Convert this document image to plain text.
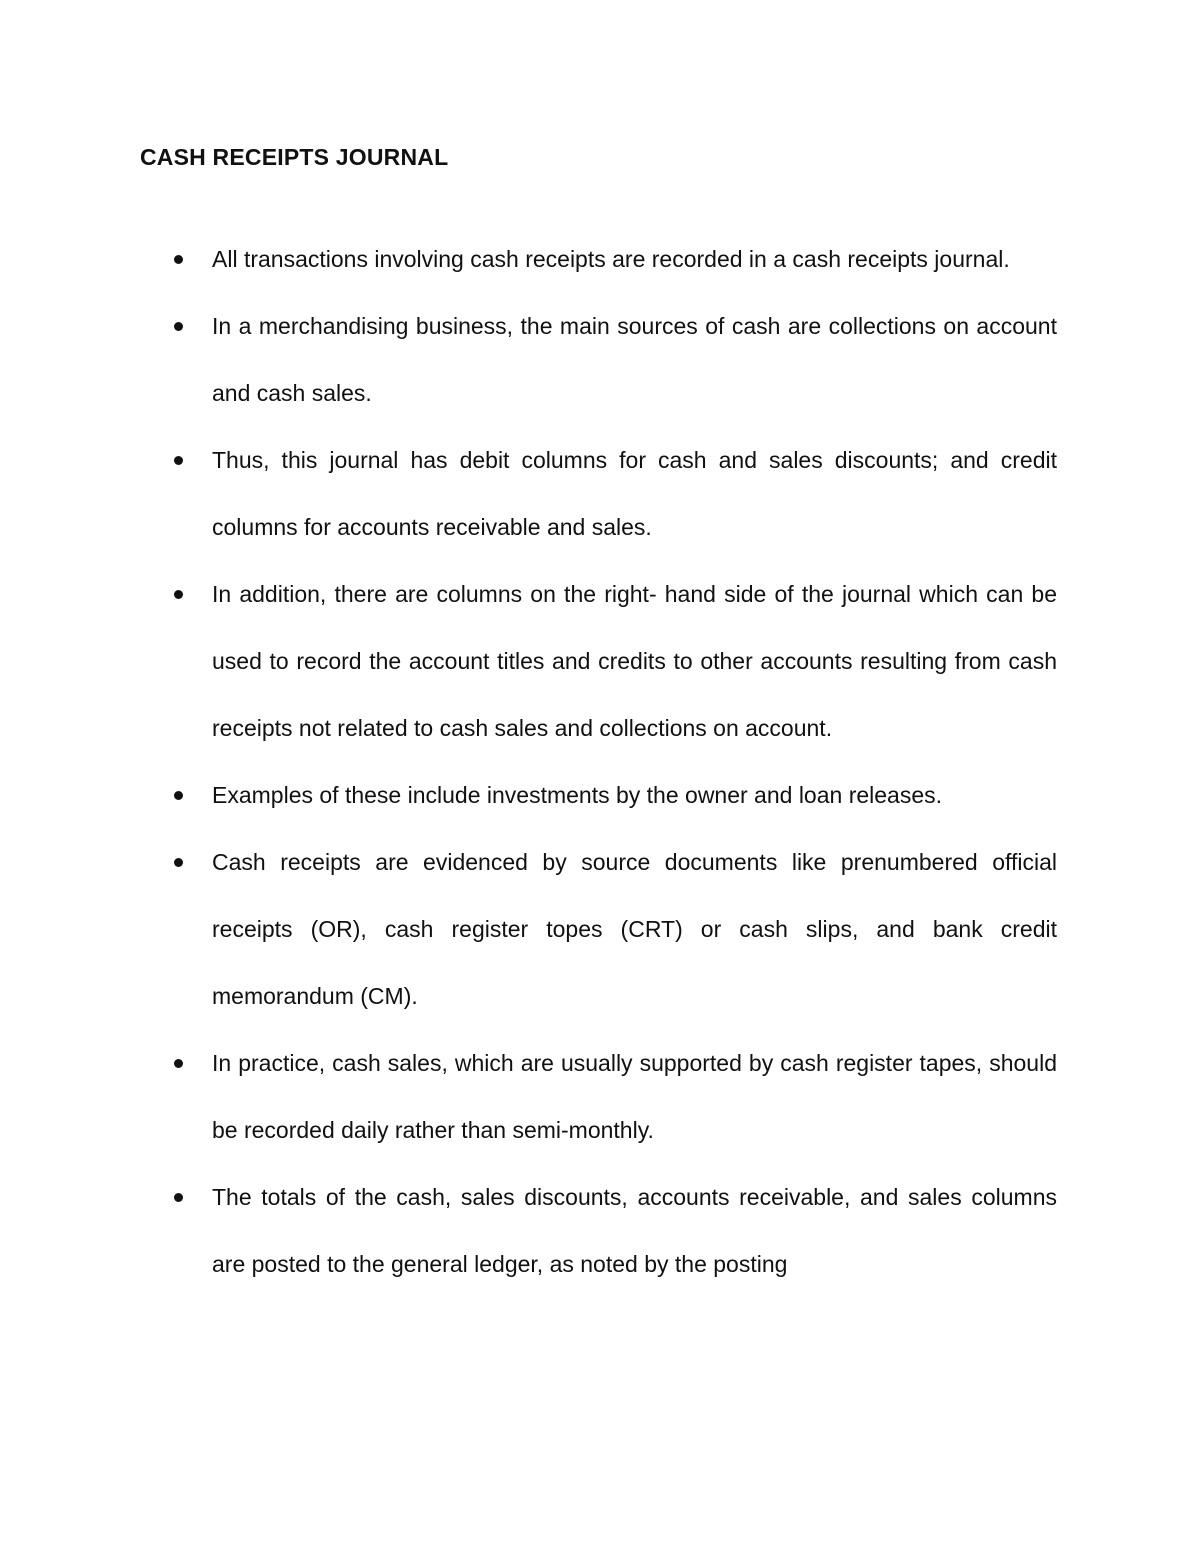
CASH RECEIPTS JOURNAL
All transactions involving cash receipts are recorded in a cash receipts journal.
In a merchandising business, the main sources of cash are collections on account and cash sales.
Thus, this journal has debit columns for cash and sales discounts; and credit columns for accounts receivable and sales.
In addition, there are columns on the right- hand side of the journal which can be used to record the account titles and credits to other accounts resulting from cash receipts not related to cash sales and collections on account.
Examples of these include investments by the owner and loan releases.
Cash receipts are evidenced by source documents like prenumbered official receipts (OR), cash register topes (CRT) or cash slips, and bank credit memorandum (CM).
In practice, cash sales, which are usually supported by cash register tapes, should be recorded daily rather than semi-monthly.
The totals of the cash, sales discounts, accounts receivable, and sales columns are posted to the general ledger, as noted by the posting
